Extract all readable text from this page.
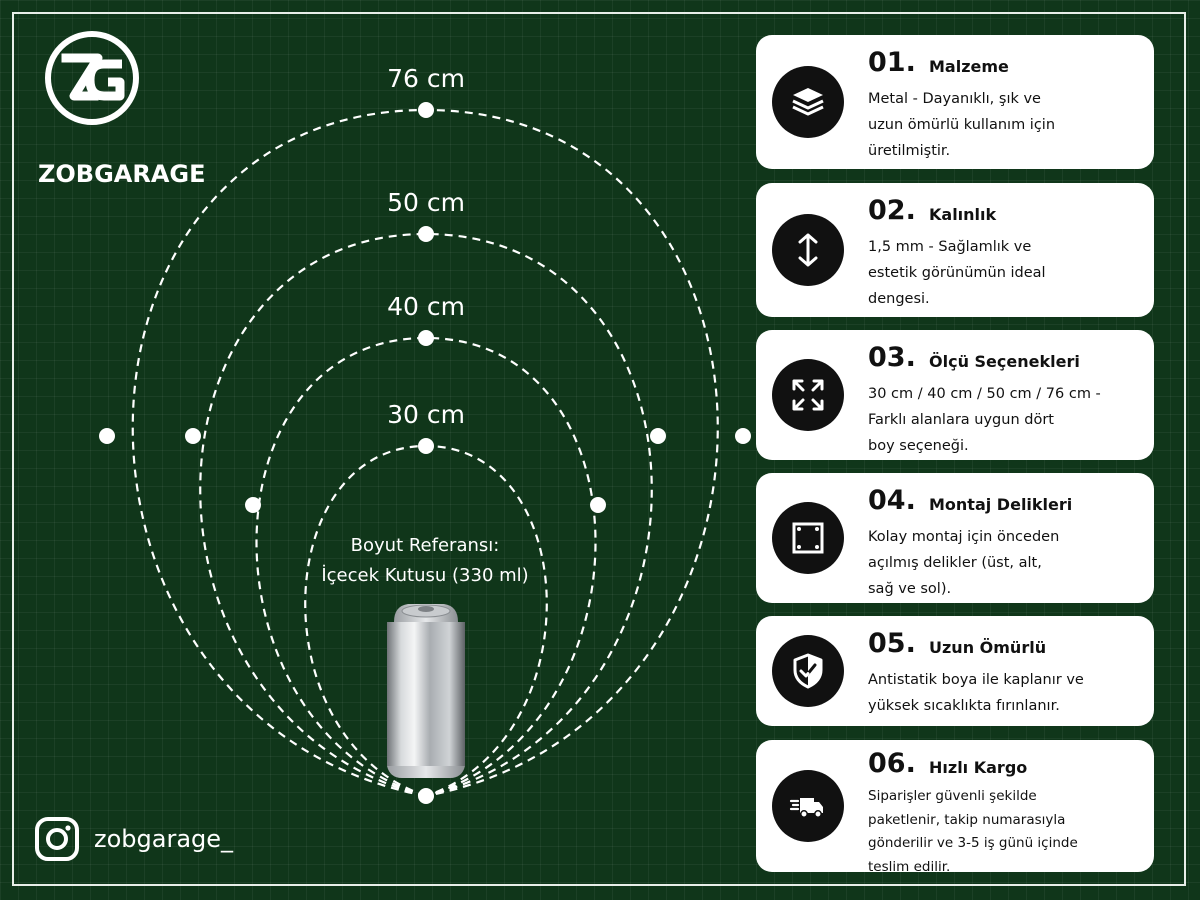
ZOBGARAGE
76 cm
50 cm
40 cm
30 cm
Boyut Referansı:
İçecek Kutusu (330 ml)
zobgarage_
01. Malzeme
Metal - Dayanıklı, şık ve
uzun ömürlü kullanım için
üretilmiştir.
02. Kalınlık
1,5 mm - Sağlamlık ve
estetik görünümün ideal
dengesi.
03. Ölçü Seçenekleri
30 cm / 40 cm / 50 cm / 76 cm -
Farklı alanlara uygun dört
boy seçeneği.
04. Montaj Delikleri
Kolay montaj için önceden
açılmış delikler (üst, alt,
sağ ve sol).
05. Uzun Ömürlü
Antistatik boya ile kaplanır ve
yüksek sıcaklıkta fırınlanır.
06. Hızlı Kargo
Siparişler güvenli şekilde
paketlenir, takip numarasıyla
gönderilir ve 3-5 iş günü içinde
teslim edilir.
